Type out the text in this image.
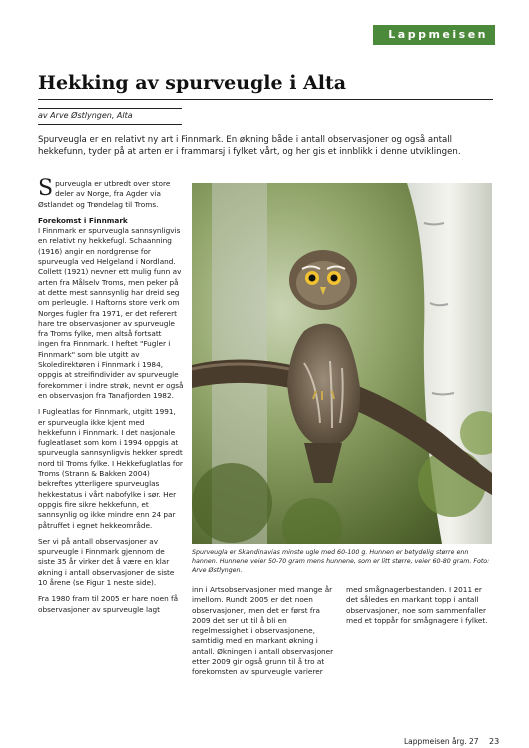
Lappmeisen
Hekking av spurveugle i Alta
av Arve Østlyngen, Alta

Spurveugla er en relativt ny art i Finnmark. En økning både i antall observasjoner og også antall hekkefunn, tyder på at arten er i frammarsj i fylket vårt, og her gis et innblikk i denne utviklingen.

Spurveugla er utbredt over store deler av Norge, fra Agder via Østlandet og Trøndelag til Troms.

Forekomst i Finnmark
I Finnmark er spurveugla sannsynligvis en relativt ny hekkefugl. Schaanning (1916) angir en nordgrense for spurveugla ved Helgeland i Nordland. Collett (1921) nevner ett mulig funn av arten fra Målselv Troms, men peker på at dette mest sannsynlig har dreid seg om perleugle. I Haftorns store verk om Norges fugler fra 1971, er det referert hare tre observasjoner av spurveugle fra Troms fylke, men altså fortsatt ingen fra Finnmark. I heftet "Fugler i Finnmark" som ble utgitt av Skoledirektøren i Finnmark i 1984, oppgis at streifindivider av spurveugle forekommer i indre strøk, nevnt er også en observasjon fra Tanafjorden 1982.

I Fugleatlas for Finnmark, utgitt 1991, er spurveugla ikke kjent med hekkefunn i Finnmark. I det nasjonale fugleatlaset som kom i 1994 oppgis at spurveugla sannsynligvis hekker spredt nord til Troms fylke. I Hekkefuglatlas for Troms (Strann & Bakken 2004) bekreftes ytterligere spurveuglas hekkestatus i vårt nabofylke i sør. Her oppgis fire sikre hekkefunn, et sannsynlig og ikke mindre enn 24 par påtruffet i egnet hekkeområde.

Ser vi på antall observasjoner av spurveugle i Finnmark gjennom de siste 35 år virker det å være en klar økning i antall observasjoner de siste 10 årene (se Figur 1 neste side).

Fra 1980 fram til 2005 er hare noen få observasjoner av spurveugle lagt

Spurveugla er Skandinavias minste ugle med 60-100 g. Hunnen er betydelig større enn hannen. Hunnene veier 50-70 gram mens hunnene, som er litt større, veier 60-80 gram. Foto: Arve Østlyngen.

inn i Artsobservasjoner med mange år imellom. Rundt 2005 er det noen observasjoner, men det er først fra 2009 det ser ut til å bli en regelmessighet i observasjonene, samtidig med en markant økning i antall. Økningen i antall observasjoner etter 2009 gir også grunn til å tro at forekomsten av spurveugle varierer

med smågnagerbestanden. I 2011 er det således en markant topp i antall observasjoner, noe som sammenfaller med et toppår for smågnagere i fylket.

Lappmeisen årg. 27 23
